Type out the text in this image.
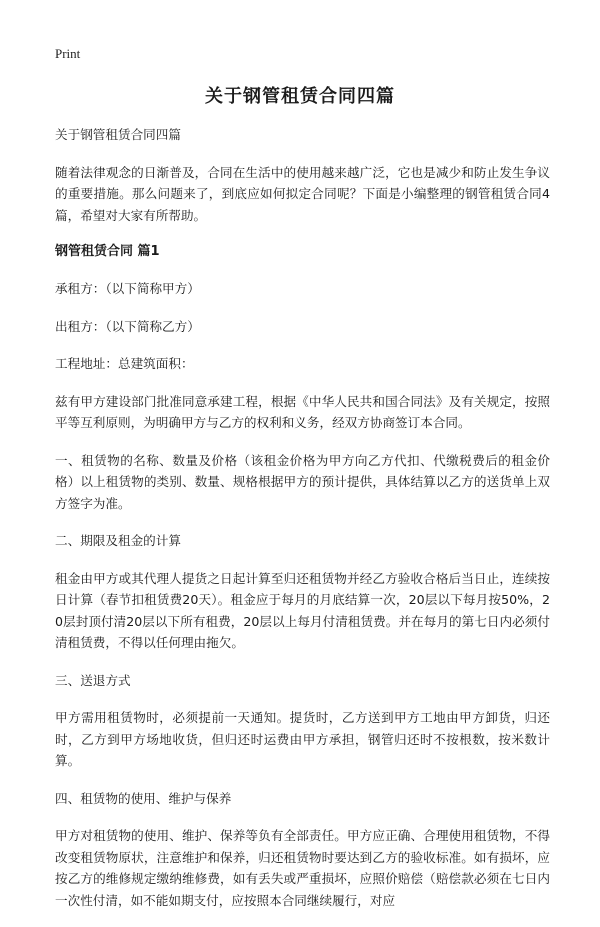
Print
关于钢管租赁合同四篇

关于钢管租赁合同四篇

随着法律观念的日渐普及，合同在生活中的使用越来越广泛，它也是减少和防止发生争议的重要措施。那么问题来了，到底应如何拟定合同呢？下面是小编整理的钢管租赁合同4篇，希望对大家有所帮助。

钢管租赁合同 篇1

承租方：（以下简称甲方）

出租方：（以下简称乙方）

工程地址：总建筑面积：

兹有甲方建设部门批准同意承建工程，根据《中华人民共和国合同法》及有关规定，按照平等互利原则，为明确甲方与乙方的权利和义务，经双方协商签订本合同。

一、租赁物的名称、数量及价格（该租金价格为甲方向乙方代扣、代缴税费后的租金价格）以上租赁物的类别、数量、规格根据甲方的预计提供，具体结算以乙方的送货单上双方签字为准。

二、期限及租金的计算

租金由甲方或其代理人提货之日起计算至归还租赁物并经乙方验收合格后当日止，连续按日计算（春节扣租赁费20天）。租金应于每月的月底结算一次，20层以下每月按50%，20层封顶付清20层以下所有租费，20层以上每月付清租赁费。并在每月的第七日内必须付清租赁费，不得以任何理由拖欠。

三、送退方式

甲方需用租赁物时，必须提前一天通知。提货时，乙方送到甲方工地由甲方卸货，归还时，乙方到甲方场地收货，但归还时运费由甲方承担，钢管归还时不按根数，按米数计算。

四、租赁物的使用、维护与保养

甲方对租赁物的使用、维护、保养等负有全部责任。甲方应正确、合理使用租赁物，不得改变租赁物原状，注意维护和保养，归还租赁物时要达到乙方的验收标准。如有损坏，应按乙方的维修规定缴纳维修费，如有丢失或严重损坏，应照价赔偿（赔偿款必须在七日内一次性付清，如不能如期支付，应按照本合同继续履行，对应
